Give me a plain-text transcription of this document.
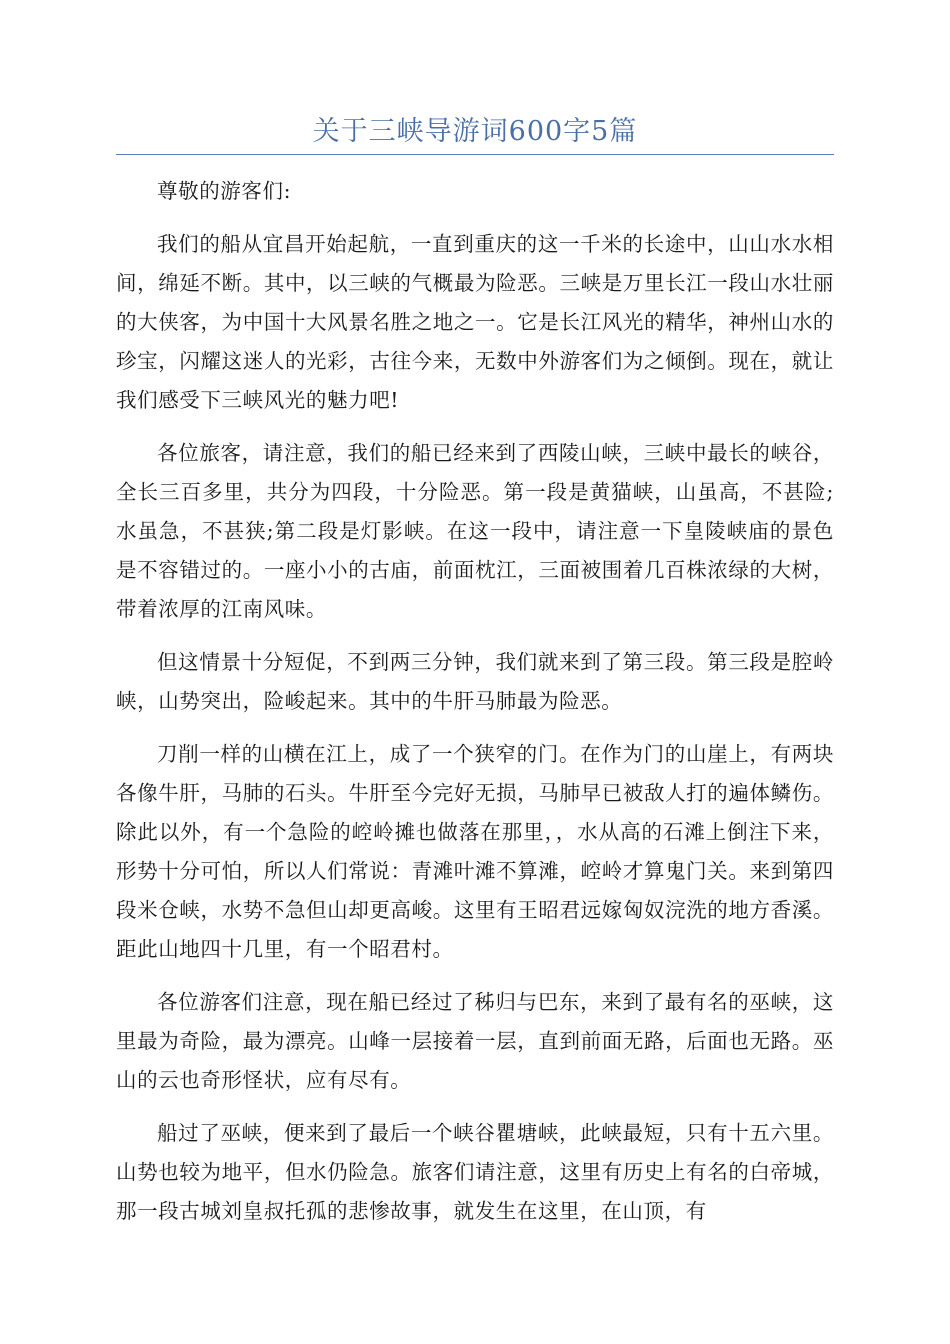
关于三峡导游词600字5篇

尊敬的游客们:

我们的船从宜昌开始起航，一直到重庆的这一千米的长途中，山山水水相间，绵延不断。其中，以三峡的气概最为险恶。三峡是万里长江一段山水壮丽的大侠客，为中国十大风景名胜之地之一。它是长江风光的精华，神州山水的珍宝，闪耀这迷人的光彩，古往今来，无数中外游客们为之倾倒。现在，就让我们感受下三峡风光的魅力吧!

各位旅客，请注意，我们的船已经来到了西陵山峡，三峡中最长的峡谷，全长三百多里，共分为四段，十分险恶。第一段是黄猫峡，山虽高，不甚险;水虽急，不甚狭;第二段是灯影峡。在这一段中，请注意一下皇陵峡庙的景色是不容错过的。一座小小的古庙，前面枕江，三面被围着几百株浓绿的大树，带着浓厚的江南风味。

但这情景十分短促，不到两三分钟，我们就来到了第三段。第三段是腔岭峡，山势突出，险峻起来。其中的牛肝马肺最为险恶。

刀削一样的山横在江上，成了一个狭窄的门。在作为门的山崖上，有两块各像牛肝，马肺的石头。牛肝至今完好无损，马肺早已被敌人打的遍体鳞伤。除此以外，有一个急险的崆岭摊也做落在那里，，水从高的石滩上倒注下来，形势十分可怕，所以人们常说：青滩叶滩不算滩，崆岭才算鬼门关。来到第四段米仓峡，水势不急但山却更高峻。这里有王昭君远嫁匈奴浣洗的地方香溪。距此山地四十几里，有一个昭君村。

各位游客们注意，现在船已经过了秭归与巴东，来到了最有名的巫峡，这里最为奇险，最为漂亮。山峰一层接着一层，直到前面无路，后面也无路。巫山的云也奇形怪状，应有尽有。

船过了巫峡，便来到了最后一个峡谷瞿塘峡，此峡最短，只有十五六里。山势也较为地平，但水仍险急。旅客们请注意，这里有历史上有名的白帝城，那一段古城刘皇叔托孤的悲惨故事，就发生在这里，在山顶，有
